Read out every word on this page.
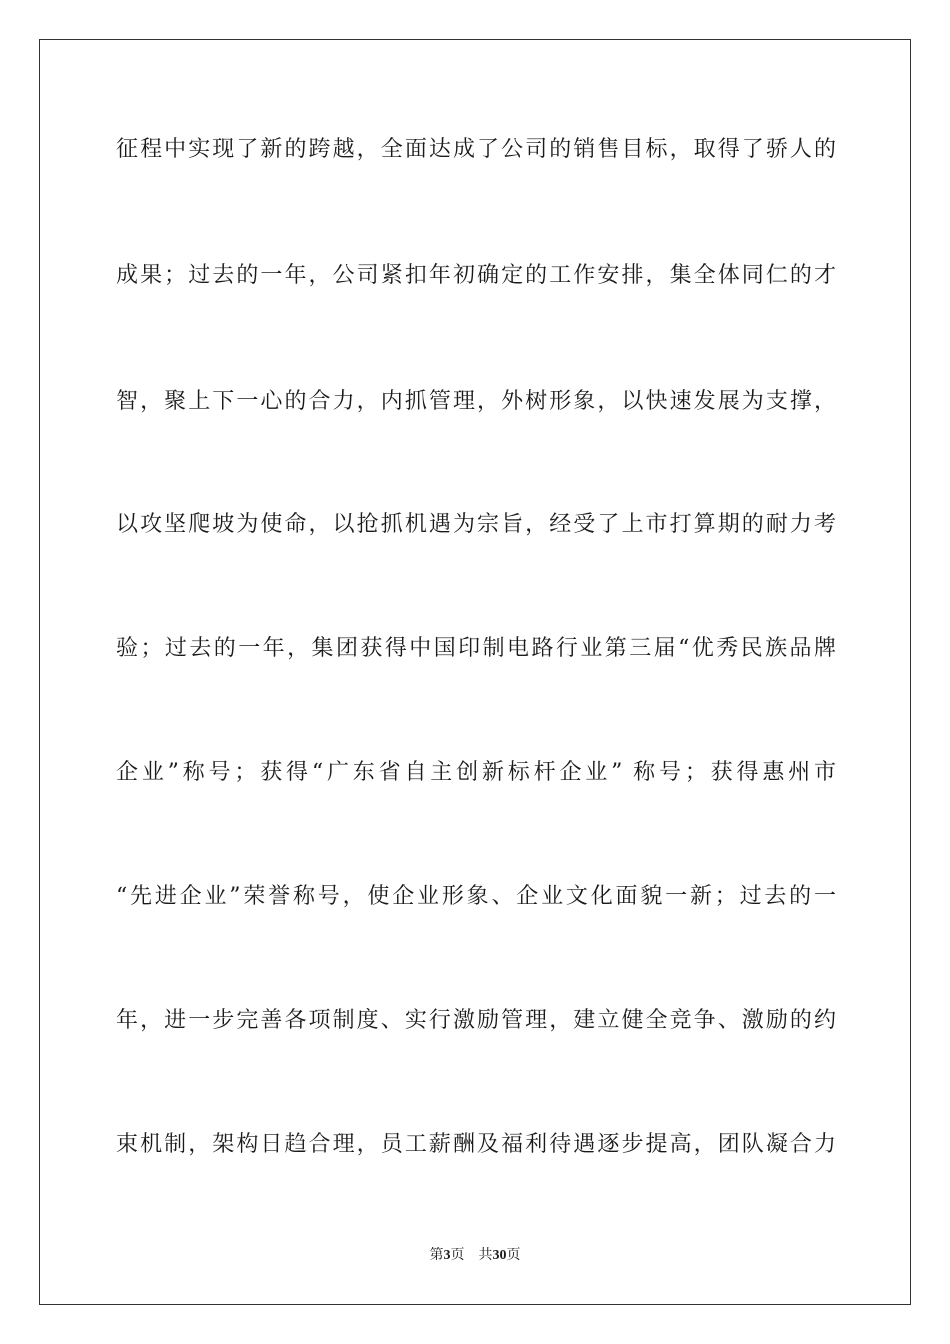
征程中实现了新的跨越，全面达成了公司的销售目标，取得了骄人的
成果；过去的一年，公司紧扣年初确定的工作安排，集全体同仁的才
智，聚上下一心的合力，内抓管理，外树形象，以快速发展为支撑，
以攻坚爬坡为使命，以抢抓机遇为宗旨，经受了上市打算期的耐力考
验；过去的一年，集团获得中国印制电路行业第三届“优秀民族品牌
企业”称号；获得“广东省自主创新标杆企业” 称号；获得惠州市
“先进企业”荣誉称号，使企业形象、企业文化面貌一新；过去的一
年，进一步完善各项制度、实行激励管理，建立健全竞争、激励的约
束机制，架构日趋合理，员工薪酬及福利待遇逐步提高，团队凝合力
第3页 共30页
